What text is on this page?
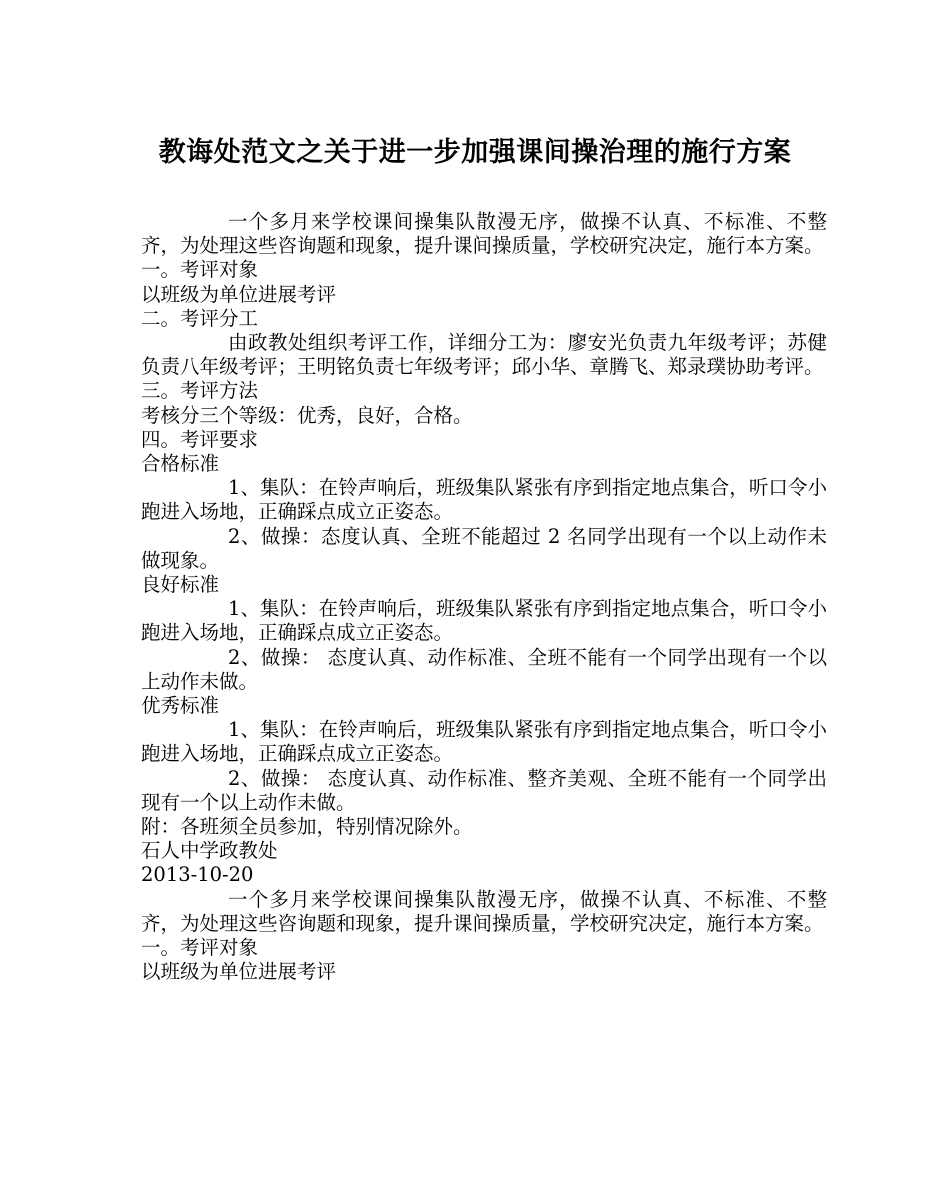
教诲处范文之关于进一步加强课间操治理的施行方案

一个多月来学校课间操集队散漫无序，做操不认真、不标准、不整齐，为处理这些咨询题和现象，提升课间操质量，学校研究决定，施行本方案。

一。考评对象

以班级为单位进展考评

二。考评分工

由政教处组织考评工作，详细分工为：廖安光负责九年级考评；苏健负责八年级考评；王明铭负责七年级考评；邱小华、章腾飞、郑录璞协助考评。

三。考评方法

考核分三个等级：优秀，良好，合格。

四。考评要求

合格标准

1、集队：在铃声响后，班级集队紧张有序到指定地点集合，听口令小跑进入场地，正确踩点成立正姿态。

2、做操：态度认真、全班不能超过 2 名同学出现有一个以上动作未做现象。

良好标准

1、集队：在铃声响后，班级集队紧张有序到指定地点集合，听口令小跑进入场地，正确踩点成立正姿态。

2、做操： 态度认真、动作标准、全班不能有一个同学出现有一个以上动作未做。

优秀标准

1、集队：在铃声响后，班级集队紧张有序到指定地点集合，听口令小跑进入场地，正确踩点成立正姿态。

2、做操： 态度认真、动作标准、整齐美观、全班不能有一个同学出现有一个以上动作未做。

附：各班须全员参加，特别情况除外。

石人中学政教处

2013-10-20

一个多月来学校课间操集队散漫无序，做操不认真、不标准、不整齐，为处理这些咨询题和现象，提升课间操质量，学校研究决定，施行本方案。

一。考评对象

以班级为单位进展考评
